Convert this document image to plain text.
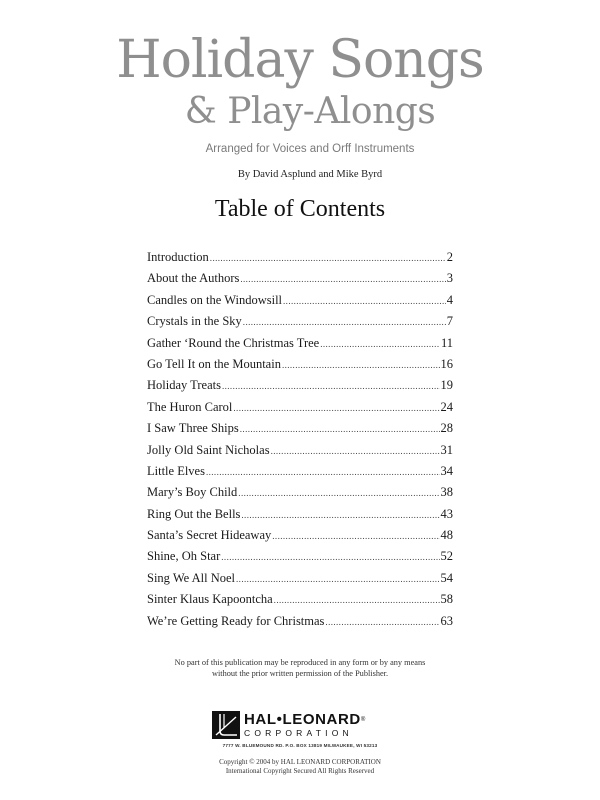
Holiday Songs
& Play-Alongs
Arranged for Voices and Orff Instruments
By David Asplund and Mike Byrd
Table of Contents
Introduction .....	2
About the Authors .....	3
Candles on the Windowsill .....	4
Crystals in the Sky .....	7
Gather ‘Round the Christmas Tree .....	11
Go Tell It on the Mountain .....	16
Holiday Treats .....	19
The Huron Carol .....	24
I Saw Three Ships .....	28
Jolly Old Saint Nicholas .....	31
Little Elves .....	34
Mary’s Boy Child .....	38
Ring Out the Bells .....	43
Santa’s Secret Hideaway .....	48
Shine, Oh Star .....	52
Sing We All Noel .....	54
Sinter Klaus Kapoontcha .....	58
We’re Getting Ready for Christmas .....	63
No part of this publication may be reproduced in any form or by any means
without the prior written permission of the Publisher.
HAL•LEONARD®
CORPORATION
7777 W. BLUEMOUND RD. P.O. BOX 13819 MILWAUKEE, WI 53213
Copyright © 2004 by HAL LEONARD CORPORATION
International Copyright Secured All Rights Reserved
